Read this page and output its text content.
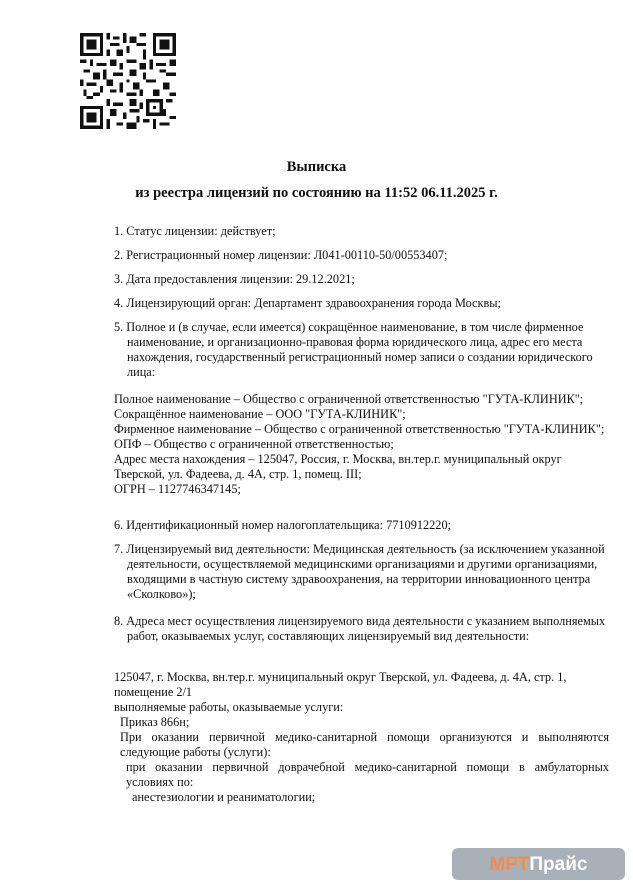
Выписка
из реестра лицензий по состоянию на 11:52 06.11.2025 г.
1. Статус лицензии: действует;
2. Регистрационный номер лицензии: Л041-00110-50/00553407;
3. Дата предоставления лицензии: 29.12.2021;
4. Лицензирующий орган: Департамент здравоохранения города Москвы;
5. Полное и (в случае, если имеется) сокращённое наименование, в том числе фирменное наименование, и организационно-правовая форма юридического лица, адрес его места нахождения, государственный регистрационный номер записи о создании юридического лица:
Полное наименование – Общество с ограниченной ответственностью "ГУТА-КЛИНИК";
Сокращённое наименование – ООО "ГУТА-КЛИНИК";
Фирменное наименование – Общество с ограниченной ответственностью "ГУТА-КЛИНИК";
ОПФ – Общество с ограниченной ответственностью;
Адрес места нахождения – 125047, Россия, г. Москва, вн.тер.г. муниципальный округ Тверской, ул. Фадеева, д. 4А, стр. 1, помещ. III;
ОГРН – 1127746347145;
6. Идентификационный номер налогоплательщика: 7710912220;
7. Лицензируемый вид деятельности: Медицинская деятельность (за исключением указанной деятельности, осуществляемой медицинскими организациями и другими организациями, входящими в частную систему здравоохранения, на территории инновационного центра «Сколково»);
8. Адреса мест осуществления лицензируемого вида деятельности с указанием выполняемых работ, оказываемых услуг, составляющих лицензируемый вид деятельности:
125047, г. Москва, вн.тер.г. муниципальный округ Тверской, ул. Фадеева, д. 4А, стр. 1, помещение 2/1
выполняемые работы, оказываемые услуги:
Приказ 866н;
При оказании первичной медико-санитарной помощи организуются и выполняются следующие работы (услуги):
при оказании первичной доврачебной медико-санитарной помощи в амбулаторных условиях по:
анестезиологии и реаниматологии;
МРТ Прайс
